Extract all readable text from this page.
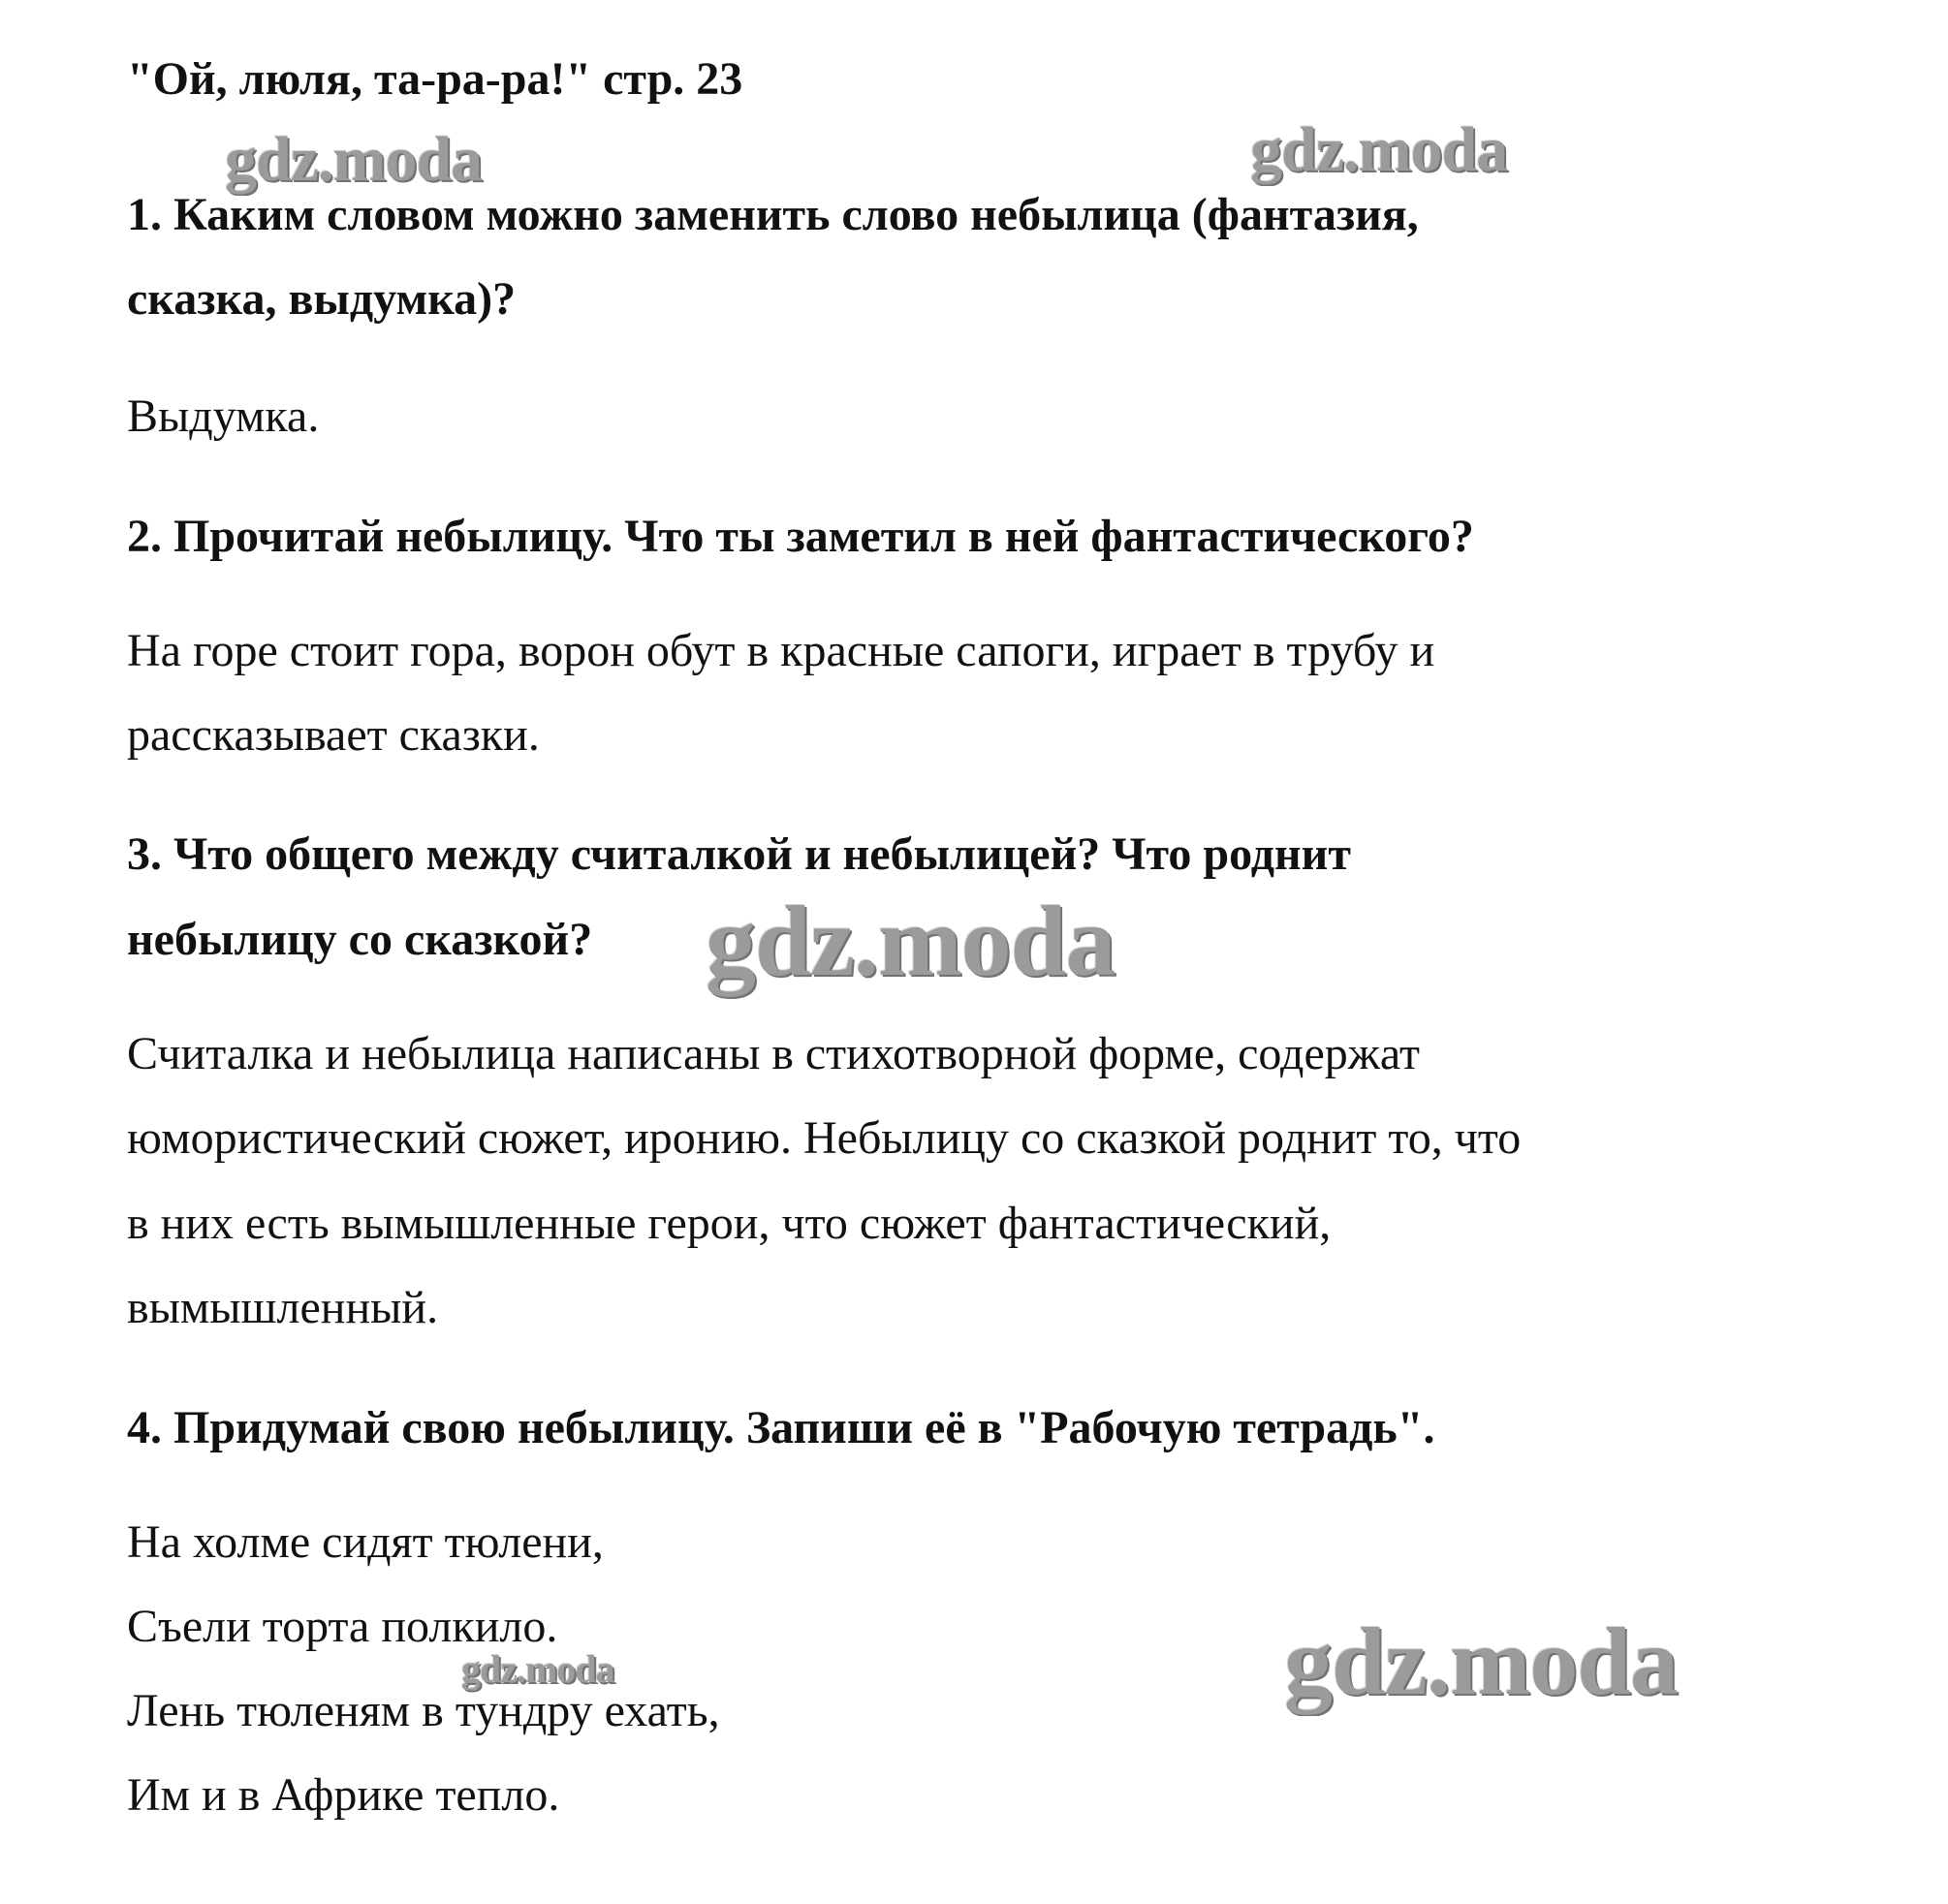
"Ой, люля, та-ра-ра!" стр. 23

1. Каким словом можно заменить слово небылица (фантазия,

сказка, выдумка)?

Выдумка.

2. Прочитай небылицу. Что ты заметил в ней фантастического?

На горе стоит гора, ворон обут в красные сапоги, играет в трубу и

рассказывает сказки.

3. Что общего между считалкой и небылицей? Что роднит

небылицу со сказкой?

Считалка и небылица написаны в стихотворной форме, содержат

юмористический сюжет, иронию. Небылицу со сказкой роднит то, что

в них есть вымышленные герои, что сюжет фантастический,

вымышленный.

4. Придумай свою небылицу. Запиши её в "Рабочую тетрадь".

На холме сидят тюлени,

Съели торта полкило.

Лень тюленям в тундру ехать,

Им и в Африке тепло.

gdz.moda	gdz.moda
gdz.moda
gdz.moda	gdz.moda
